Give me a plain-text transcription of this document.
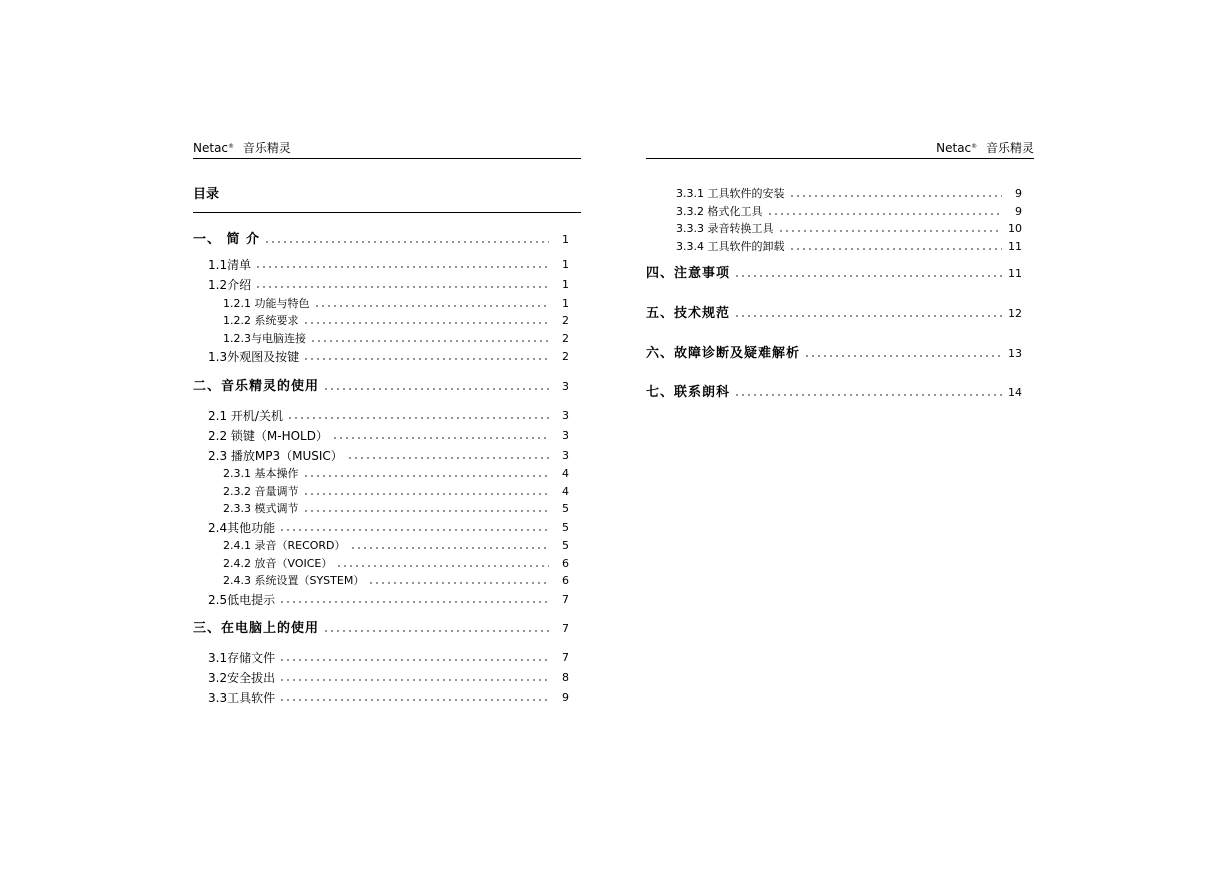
Netac® 音乐精灵
目录
一、 简 介	1
1.1清单	1
1.2介绍	1
1.2.1 功能与特色	1
1.2.2 系统要求	2
1.2.3与电脑连接	2
1.3外观图及按键	2
二、音乐精灵的使用	3
2.1 开机/关机	3
2.2 锁键（M-HOLD）	3
2.3 播放MP3（MUSIC）	3
2.3.1 基本操作	4
2.3.2 音量调节	4
2.3.3 模式调节	5
2.4其他功能	5
2.4.1 录音（RECORD）	5
2.4.2 放音（VOICE）	6
2.4.3 系统设置（SYSTEM）	6
2.5低电提示	7
三、在电脑上的使用	7
3.1存储文件	7
3.2安全拔出	8
3.3工具软件	9
Netac® 音乐精灵
3.3.1 工具软件的安装	9
3.3.2 格式化工具	9
3.3.3 录音转换工具	10
3.3.4 工具软件的卸载	11
四、注意事项	11
五、技术规范	12
六、故障诊断及疑难解析	13
七、联系朗科	14
